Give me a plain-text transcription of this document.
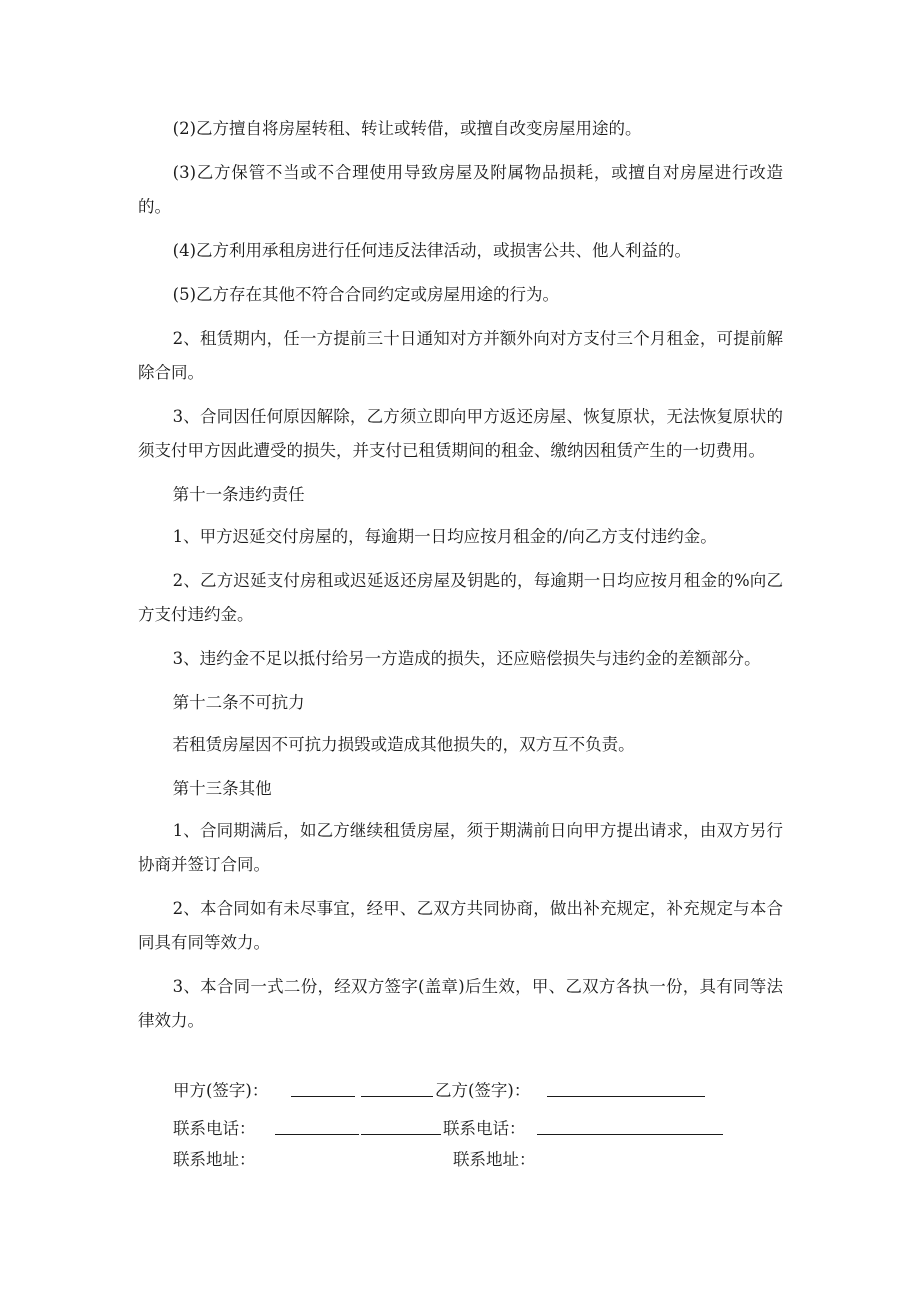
(2)乙方擅自将房屋转租、转让或转借，或擅自改变房屋用途的。

(3)乙方保管不当或不合理使用导致房屋及附属物品损耗，或擅自对房屋进行改造的。

(4)乙方利用承租房进行任何违反法律活动，或损害公共、他人利益的。

(5)乙方存在其他不符合合同约定或房屋用途的行为。

2、租赁期内，任一方提前三十日通知对方并额外向对方支付三个月租金，可提前解除合同。

3、合同因任何原因解除，乙方须立即向甲方返还房屋、恢复原状，无法恢复原状的须支付甲方因此遭受的损失，并支付已租赁期间的租金、缴纳因租赁产生的一切费用。

第十一条违约责任

1、甲方迟延交付房屋的，每逾期一日均应按月租金的/向乙方支付违约金。

2、乙方迟延支付房租或迟延返还房屋及钥匙的，每逾期一日均应按月租金的%向乙方支付违约金。

3、违约金不足以抵付给另一方造成的损失，还应赔偿损失与违约金的差额部分。

第十二条不可抗力

若租赁房屋因不可抗力损毁或造成其他损失的，双方互不负责。

第十三条其他

1、合同期满后，如乙方继续租赁房屋，须于期满前日向甲方提出请求，由双方另行协商并签订合同。

2、本合同如有未尽事宜，经甲、乙双方共同协商，做出补充规定，补充规定与本合同具有同等效力。

3、本合同一式二份，经双方签字(盖章)后生效，甲、乙双方各执一份，具有同等法律效力。

甲方(签字)：	乙方(签字)：
联系电话：	联系电话：
联系地址：	联系地址：
